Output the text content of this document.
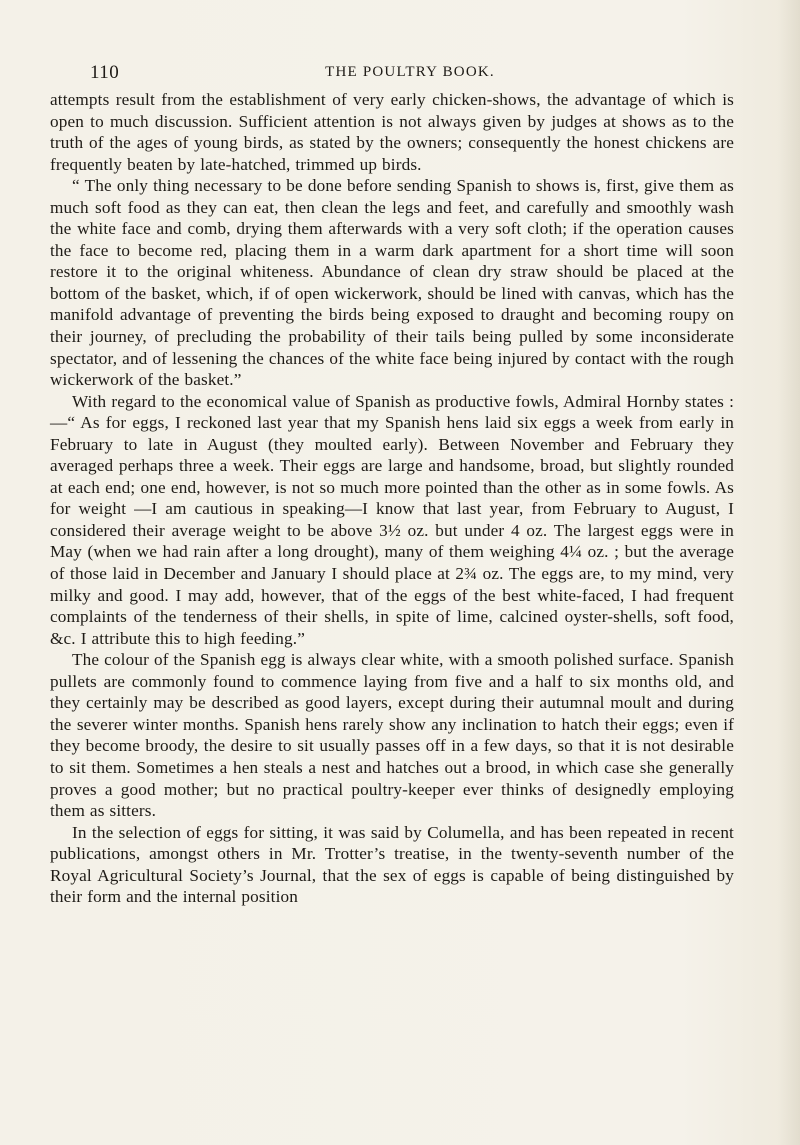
110	THE POULTRY BOOK.

attempts result from the establishment of very early chicken-shows, the advantage of which is open to much discussion. Sufficient attention is not always given by judges at shows as to the truth of the ages of young birds, as stated by the owners; consequently the honest chickens are frequently beaten by late-hatched, trimmed up birds.

“ The only thing necessary to be done before sending Spanish to shows is, first, give them as much soft food as they can eat, then clean the legs and feet, and carefully and smoothly wash the white face and comb, drying them afterwards with a very soft cloth; if the operation causes the face to become red, placing them in a warm dark apartment for a short time will soon restore it to the original whiteness. Abundance of clean dry straw should be placed at the bottom of the basket, which, if of open wickerwork, should be lined with canvas, which has the manifold advantage of preventing the birds being exposed to draught and becoming roupy on their journey, of precluding the probability of their tails being pulled by some inconsiderate spectator, and of lessening the chances of the white face being injured by contact with the rough wickerwork of the basket.”

With regard to the economical value of Spanish as productive fowls, Admiral Hornby states :—“ As for eggs, I reckoned last year that my Spanish hens laid six eggs a week from early in February to late in August (they moulted early). Between November and February they averaged perhaps three a week. Their eggs are large and handsome, broad, but slightly rounded at each end; one end, however, is not so much more pointed than the other as in some fowls. As for weight —I am cautious in speaking—I know that last year, from February to August, I considered their average weight to be above 3½ oz. but under 4 oz. The largest eggs were in May (when we had rain after a long drought), many of them weighing 4¼ oz. ; but the average of those laid in December and January I should place at 2¾ oz. The eggs are, to my mind, very milky and good. I may add, however, that of the eggs of the best white-faced, I had frequent complaints of the tenderness of their shells, in spite of lime, calcined oyster-shells, soft food, &c. I attribute this to high feeding.”

The colour of the Spanish egg is always clear white, with a smooth polished surface. Spanish pullets are commonly found to commence laying from five and a half to six months old, and they certainly may be described as good layers, except during their autumnal moult and during the severer winter months. Spanish hens rarely show any inclination to hatch their eggs; even if they become broody, the desire to sit usually passes off in a few days, so that it is not desirable to sit them. Sometimes a hen steals a nest and hatches out a brood, in which case she generally proves a good mother; but no practical poultry-keeper ever thinks of designedly employing them as sitters.

In the selection of eggs for sitting, it was said by Columella, and has been repeated in recent publications, amongst others in Mr. Trotter’s treatise, in the twenty-seventh number of the Royal Agricultural Society’s Journal, that the sex of eggs is capable of being distinguished by their form and the internal position
